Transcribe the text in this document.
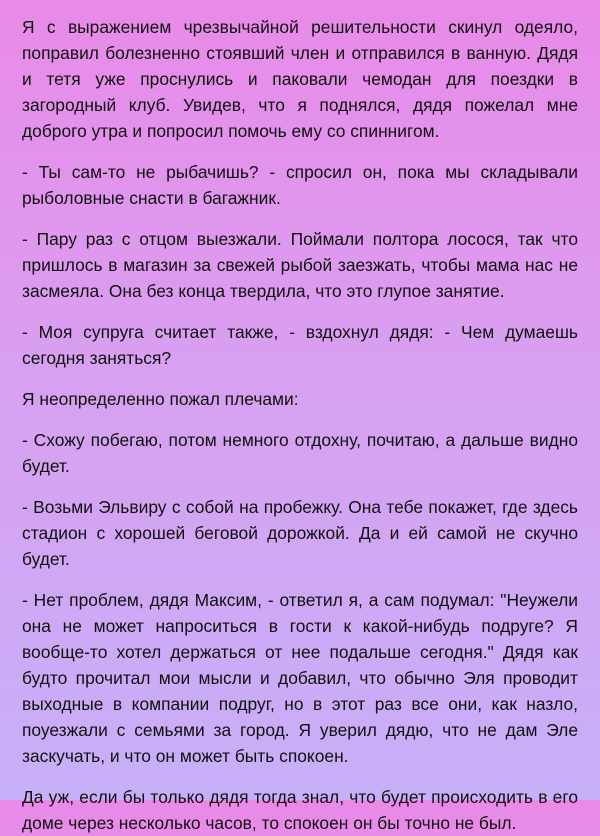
Я с выражением чрезвычайной решительности скинул одеяло, поправил болезненно стоявший член и отправился в ванную. Дядя и тетя уже проснулись и паковали чемодан для поездки в загородный клуб. Увидев, что я поднялся, дядя пожелал мне доброго утра и попросил помочь ему со спиннигом.

- Ты сам-то не рыбачишь? - спросил он, пока мы складывали рыболовные снасти в багажник.

- Пару раз с отцом выезжали. Поймали полтора лосося, так что пришлось в магазин за свежей рыбой заезжать, чтобы мама нас не засмеяла. Она без конца твердила, что это глупое занятие.

- Моя супруга считает также, - вздохнул дядя: - Чем думаешь сегодня заняться?

Я неопределенно пожал плечами:

- Схожу побегаю, потом немного отдохну, почитаю, а дальше видно будет.

- Возьми Эльвиру с собой на пробежку. Она тебе покажет, где здесь стадион с хорошей беговой дорожкой. Да и ей самой не скучно будет.

- Нет проблем, дядя Максим, - ответил я, а сам подумал: "Неужели она не может напроситься в гости к какой-нибудь подруге? Я вообще-то хотел держаться от нее подальше сегодня." Дядя как будто прочитал мои мысли и добавил, что обычно Эля проводит выходные в компании подруг, но в этот раз все они, как назло, поуезжали с семьями за город. Я уверил дядю, что не дам Эле заскучать, и что он может быть спокоен.

Да уж, если бы только дядя тогда знал, что будет происходить в его доме через несколько часов, то спокоен он бы точно не был.
